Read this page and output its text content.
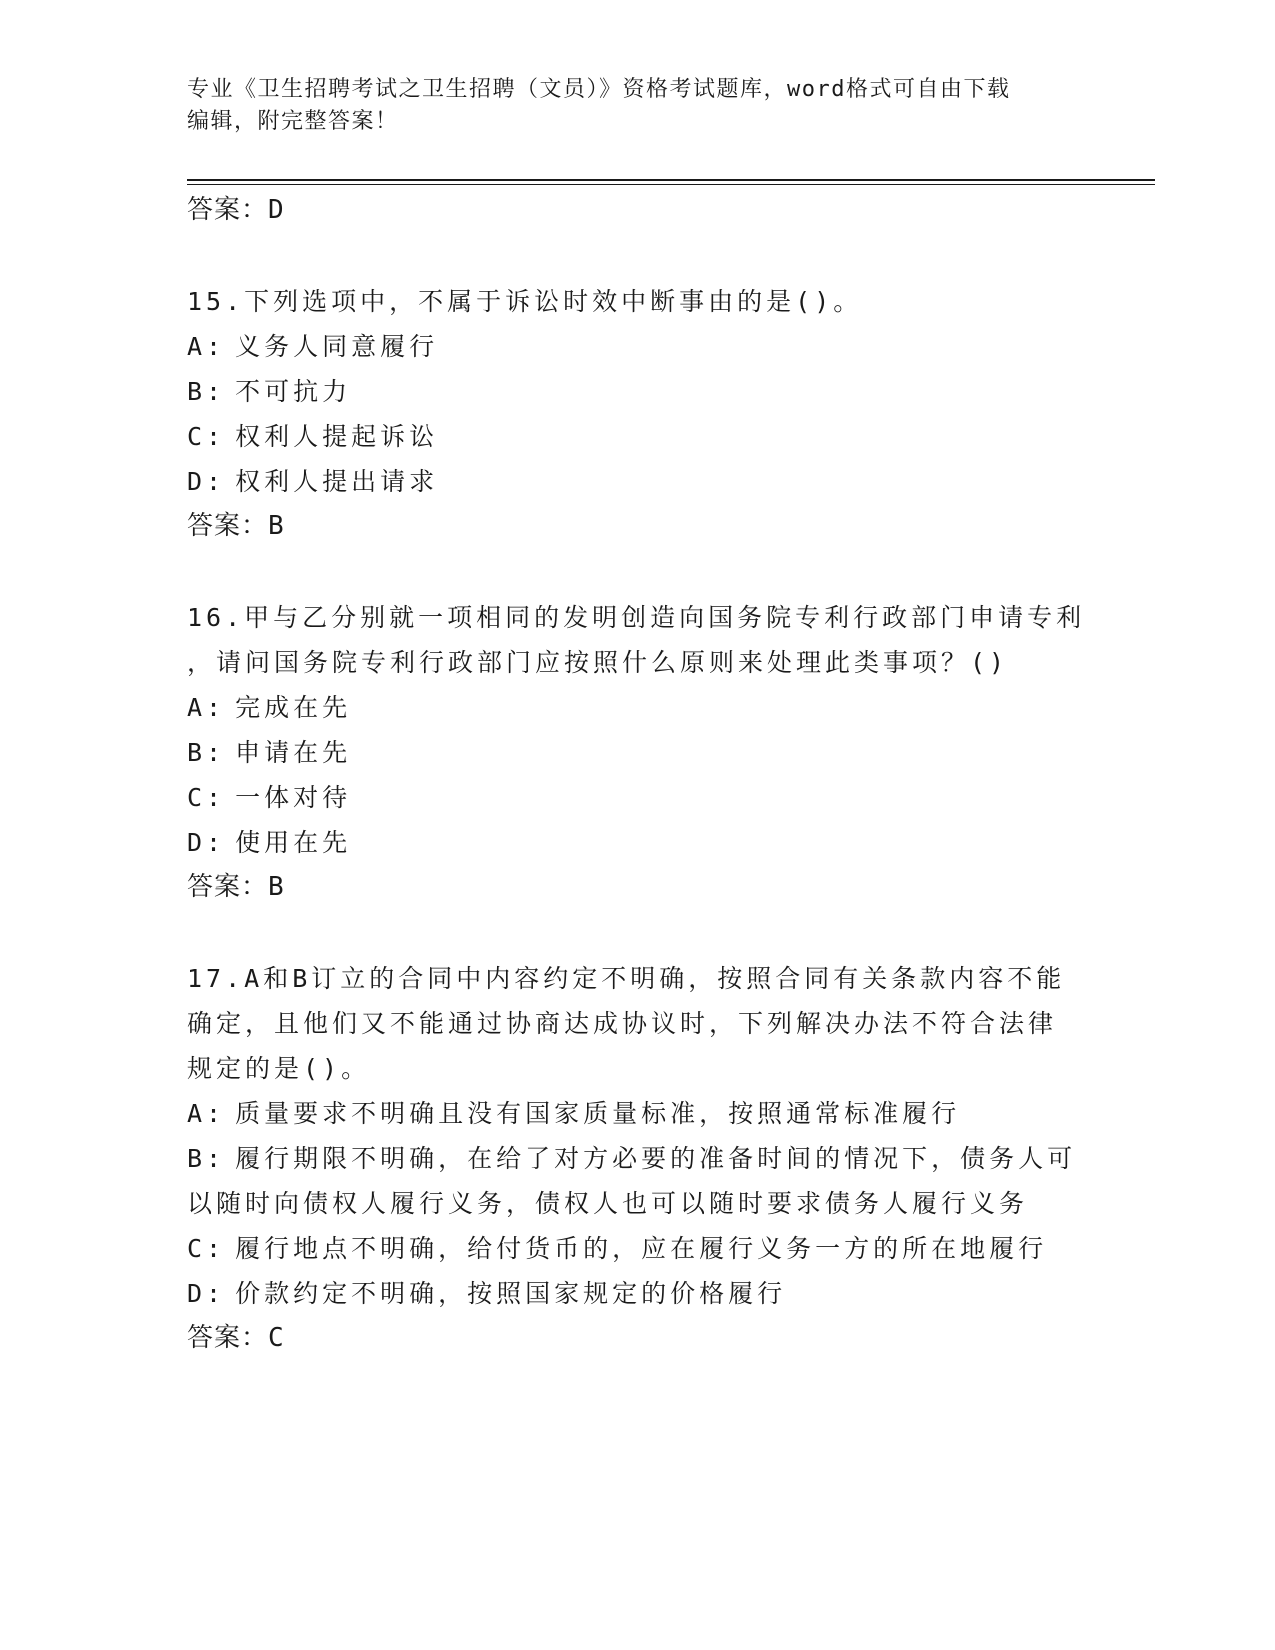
专业《卫生招聘考试之卫生招聘（文员）》资格考试题库，word格式可自由下载
编辑，附完整答案！
答案：D

15.下列选项中，不属于诉讼时效中断事由的是()。

A: 义务人同意履行

B: 不可抗力

C: 权利人提起诉讼

D: 权利人提出请求

答案：B

16.甲与乙分别就一项相同的发明创造向国务院专利行政部门申请专利

，请问国务院专利行政部门应按照什么原则来处理此类事项？()

A: 完成在先

B: 申请在先

C: 一体对待

D: 使用在先

答案：B

17.A和B订立的合同中内容约定不明确，按照合同有关条款内容不能

确定，且他们又不能通过协商达成协议时，下列解决办法不符合法律

规定的是()。

A: 质量要求不明确且没有国家质量标准，按照通常标准履行

B: 履行期限不明确，在给了对方必要的准备时间的情况下，债务人可

以随时向债权人履行义务，债权人也可以随时要求债务人履行义务

C: 履行地点不明确，给付货币的，应在履行义务一方的所在地履行

D: 价款约定不明确，按照国家规定的价格履行

答案：C
